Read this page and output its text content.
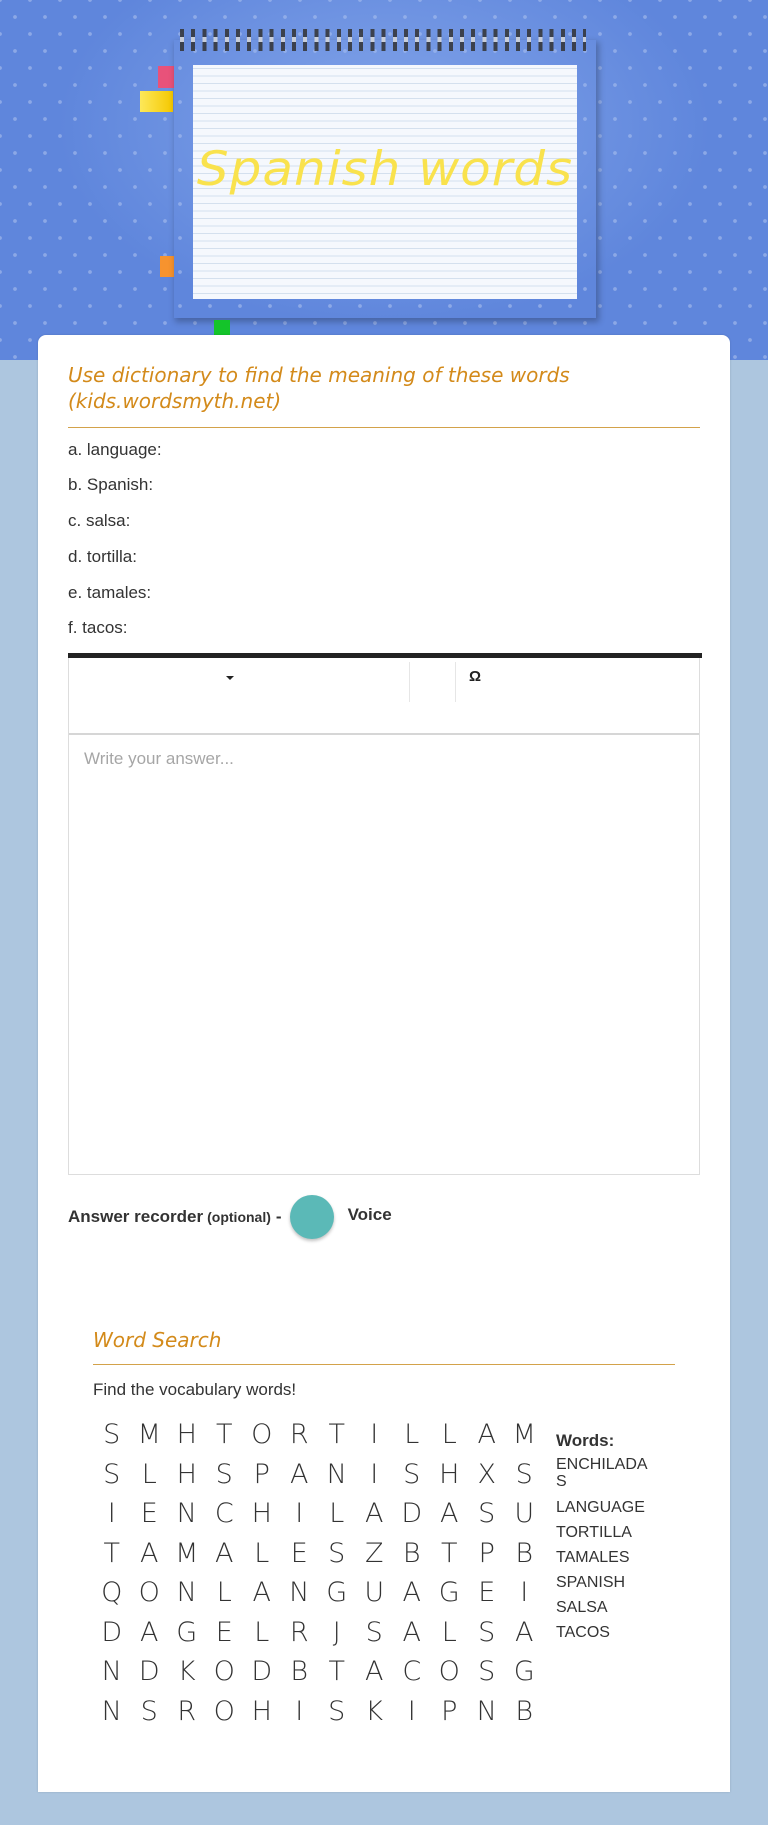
Spanish words
Use dictionary to find the meaning of these words
(kids.wordsmyth.net)
a. language:
b. Spanish:
c. salsa:
d. tortilla:
e. tamales:
f. tacos:
Ω
Write your answer...
Answer recorder (optional) -	Voice
Word Search
Find the vocabulary words!
S M H T O R T I L L A M
S L H S P A N I S H X S
I E N C H I L A D A S U
T A M A L E S Z B T P B
Q O N L A N G U A G E I
D A G E L R J S A L S A
N D K O D B T A C O S G
N S R O H I S K I P N B
Words:
ENCHILADAS
LANGUAGE
TORTILLA
TAMALES
SPANISH
SALSA
TACOS
